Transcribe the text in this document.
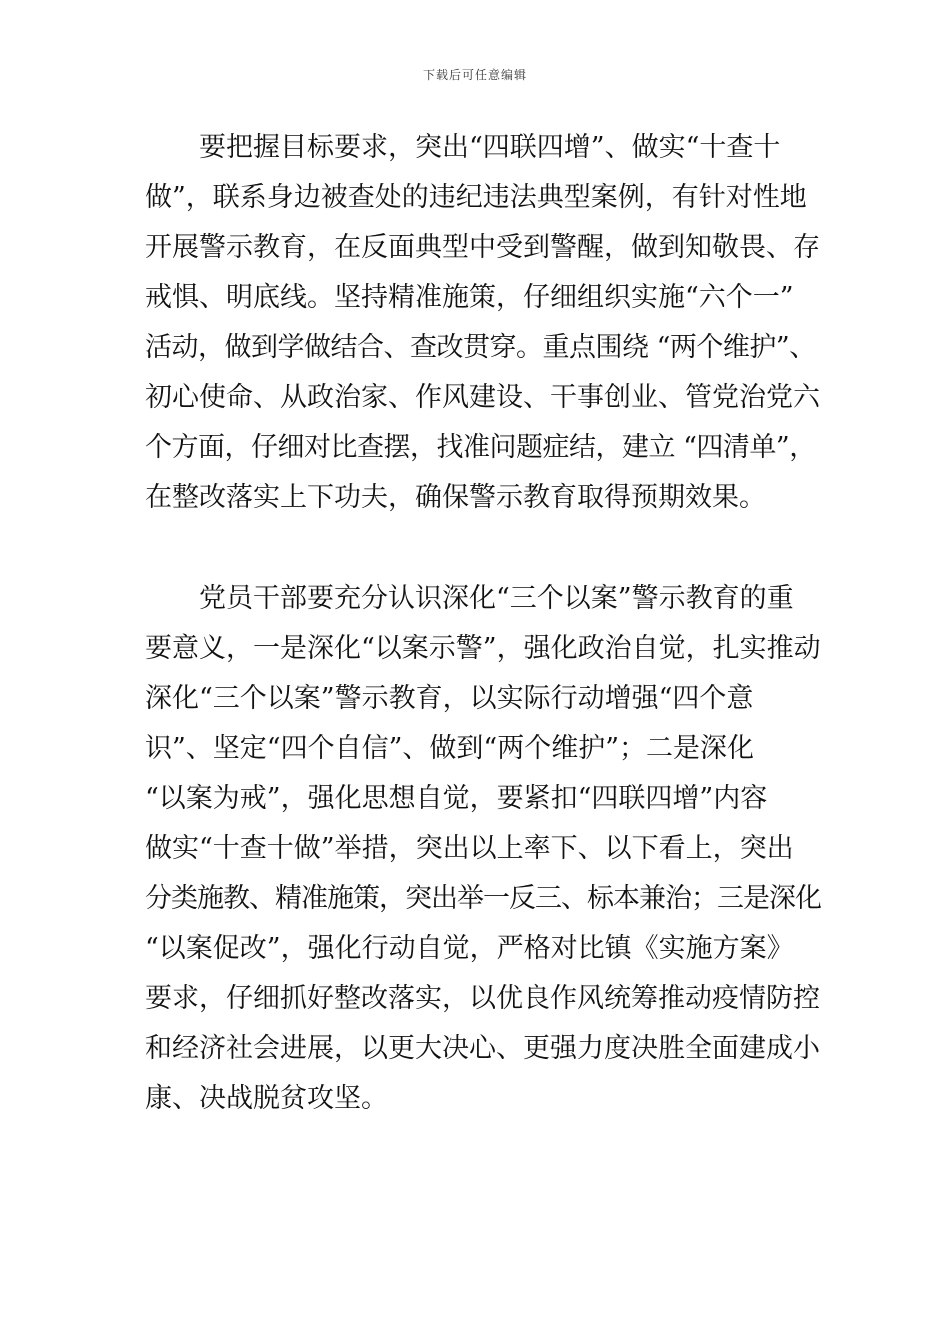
下载后可任意编辑
要把握目标要求，突出“四联四增”、做实“十查十
做”，联系身边被查处的违纪违法典型案例，有针对性地
开展警示教育，在反面典型中受到警醒，做到知敬畏、存
戒惧、明底线。坚持精准施策，仔细组织实施“六个一”
活动，做到学做结合、查改贯穿。重点围绕 “两个维护”、
初心使命、从政治家、作风建设、干事创业、管党治党六
个方面，仔细对比查摆，找准问题症结，建立 “四清单”，
在整改落实上下功夫，确保警示教育取得预期效果。
党员干部要充分认识深化“三个以案”警示教育的重
要意义，一是深化“以案示警”，强化政治自觉，扎实推动
深化“三个以案”警示教育，以实际行动增强“四个意
识”、坚定“四个自信”、做到“两个维护”；二是深化
“以案为戒”，强化思想自觉，要紧扣“四联四增”内容
做实“十查十做”举措，突出以上率下、以下看上，突出
分类施教、精准施策，突出举一反三、标本兼治；三是深化
“以案促改”，强化行动自觉，严格对比镇《实施方案》
要求，仔细抓好整改落实，以优良作风统筹推动疫情防控
和经济社会进展，以更大决心、更强力度决胜全面建成小
康、决战脱贫攻坚。
